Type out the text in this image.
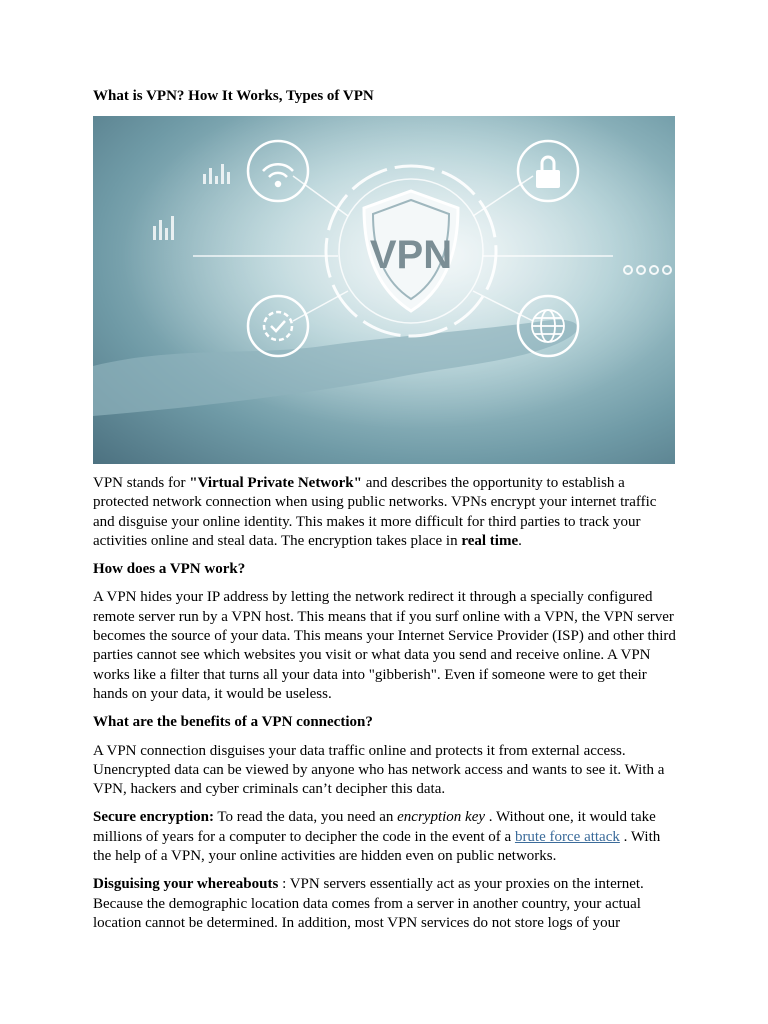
What is VPN? How It Works, Types of VPN
VPN

VPN stands for "Virtual Private Network" and describes the opportunity to establish a protected network connection when using public networks. VPNs encrypt your internet traffic and disguise your online identity. This makes it more difficult for third parties to track your activities online and steal data. The encryption takes place in real time.

How does a VPN work?

A VPN hides your IP address by letting the network redirect it through a specially configured remote server run by a VPN host. This means that if you surf online with a VPN, the VPN server becomes the source of your data. This means your Internet Service Provider (ISP) and other third parties cannot see which websites you visit or what data you send and receive online. A VPN works like a filter that turns all your data into "gibberish". Even if someone were to get their hands on your data, it would be useless.

What are the benefits of a VPN connection?

A VPN connection disguises your data traffic online and protects it from external access. Unencrypted data can be viewed by anyone who has network access and wants to see it. With a VPN, hackers and cyber criminals can’t decipher this data.

Secure encryption: To read the data, you need an encryption key . Without one, it would take millions of years for a computer to decipher the code in the event of a brute force attack . With the help of a VPN, your online activities are hidden even on public networks.

Disguising your whereabouts : VPN servers essentially act as your proxies on the internet. Because the demographic location data comes from a server in another country, your actual location cannot be determined. In addition, most VPN services do not store logs of your
